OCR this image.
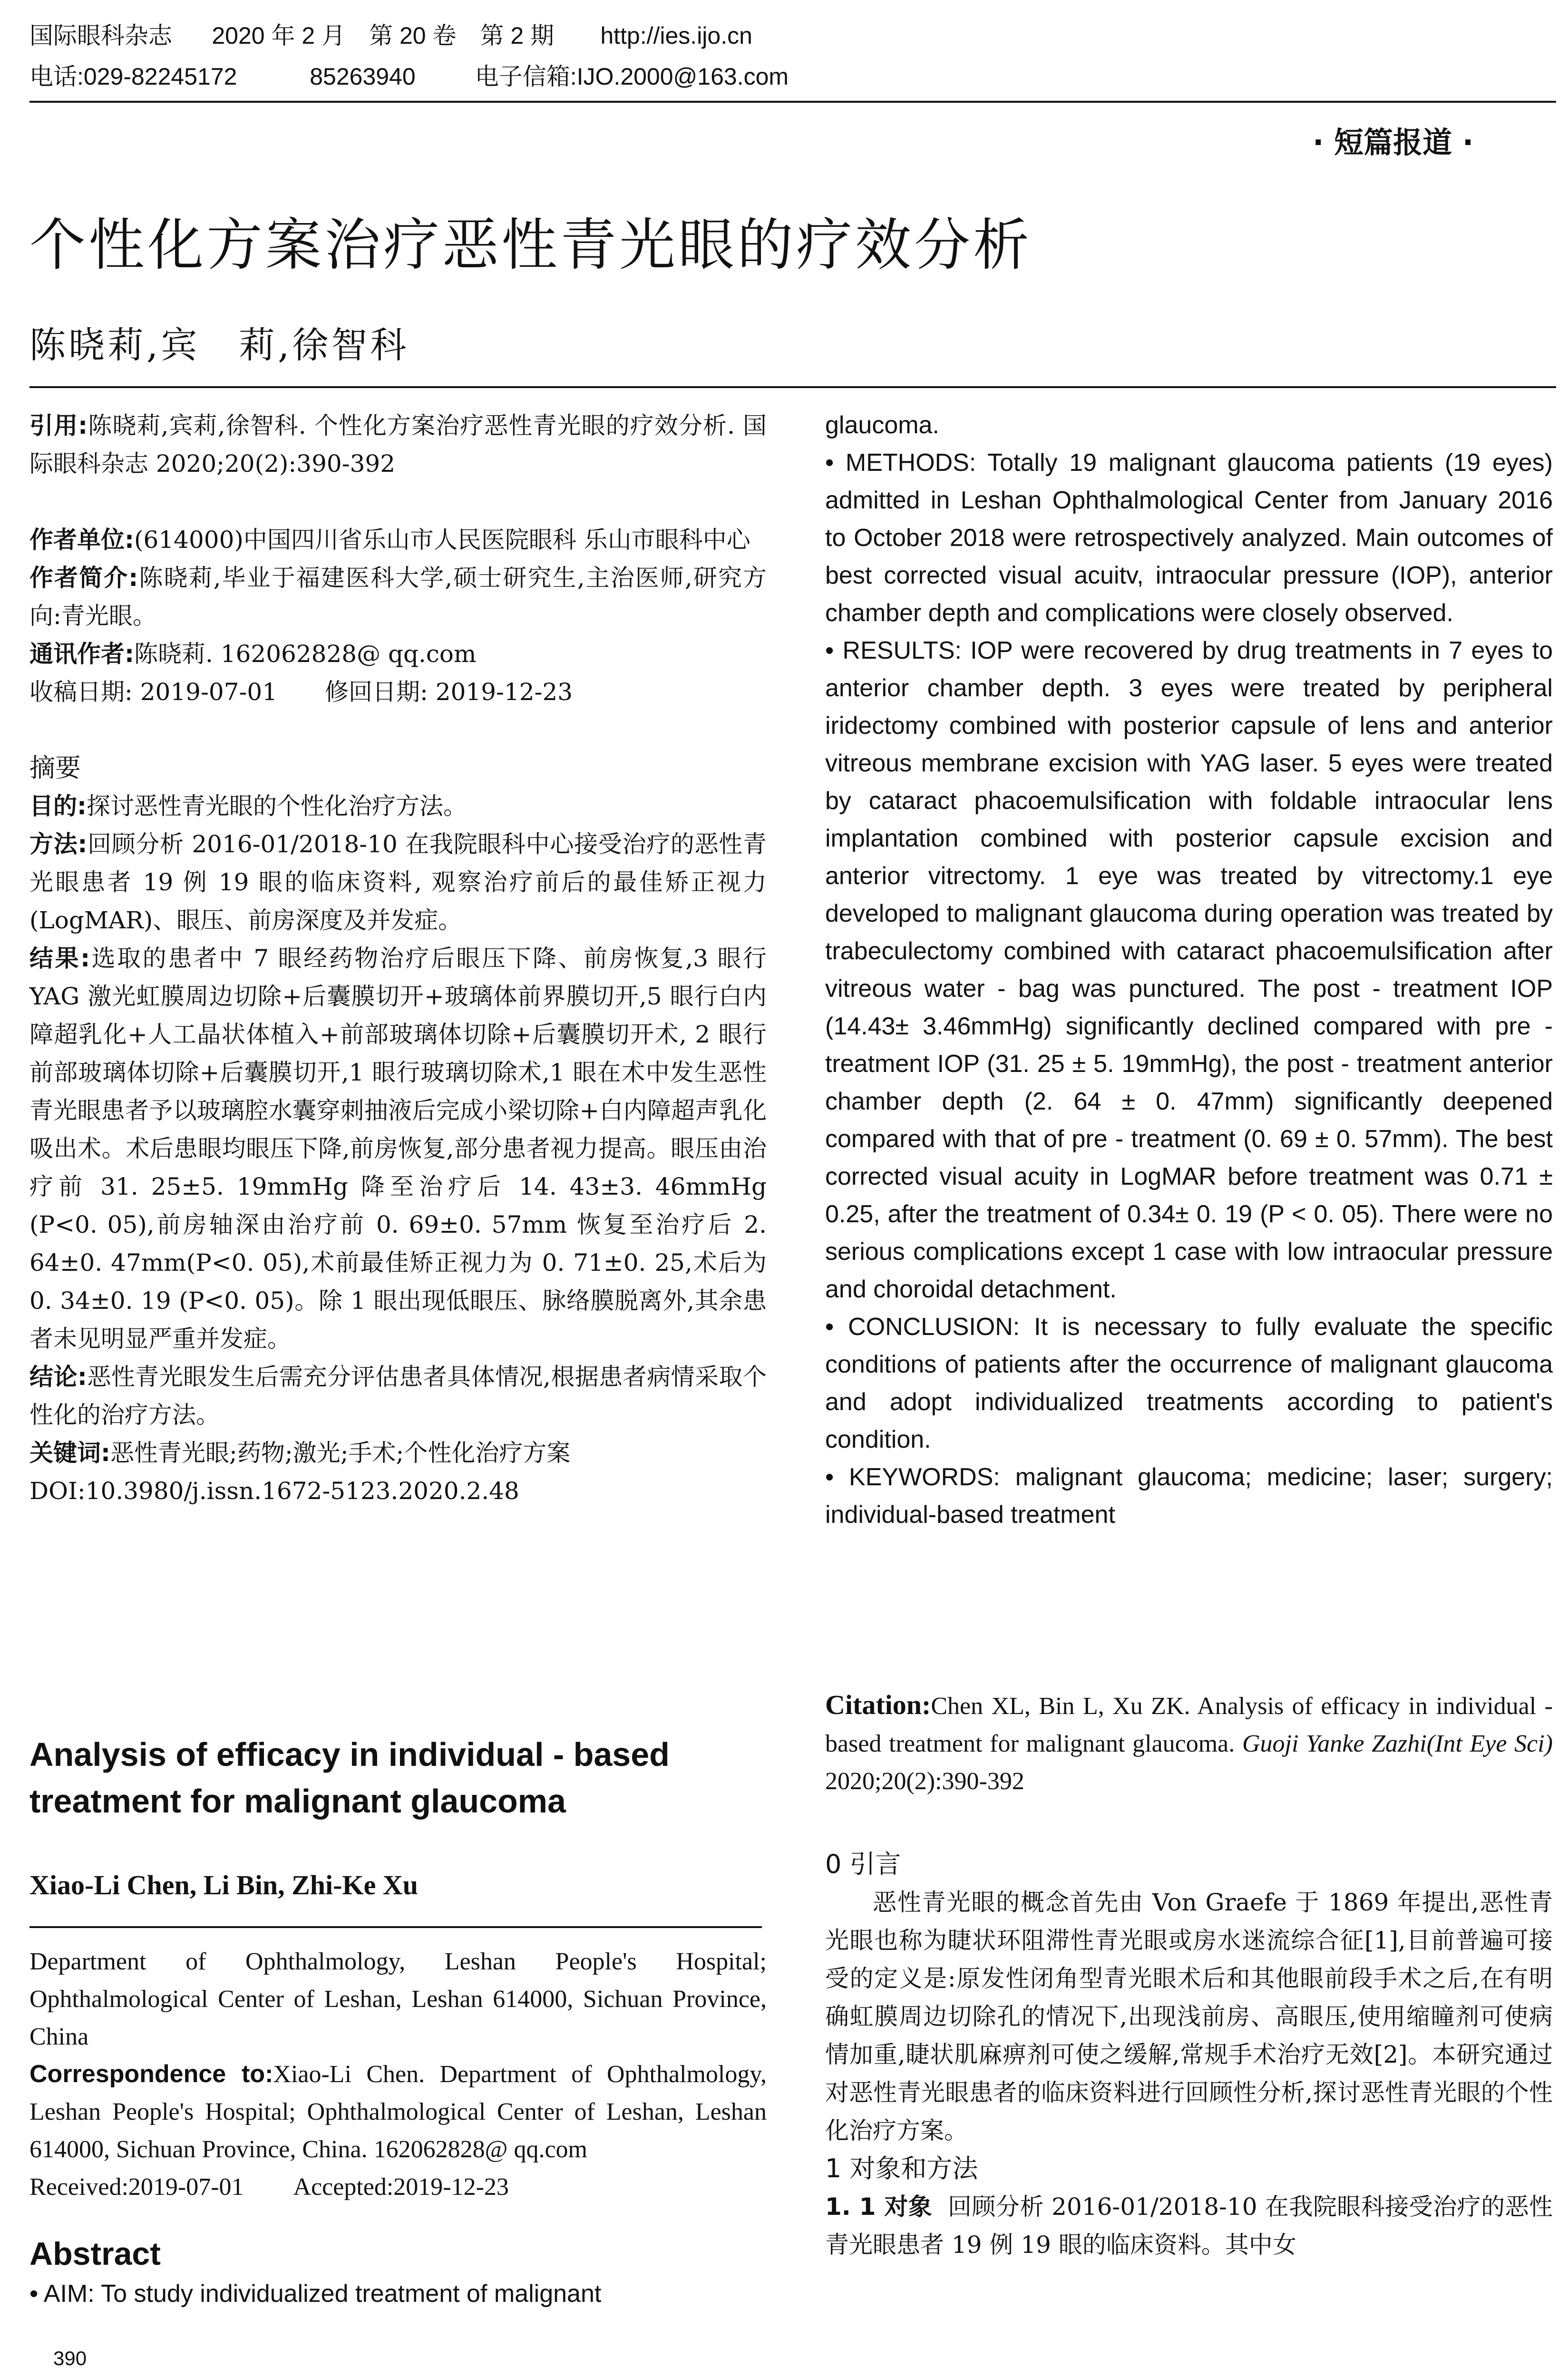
国际眼科杂志 2020 年 2 月　第 20 卷　第 2 期 http://ies.ijo.cn
电话:029-82245172	85263940	电子信箱:IJO.2000@163.com
· 短篇报道 ·
个性化方案治疗恶性青光眼的疗效分析
陈晓莉,宾　莉,徐智科

引用:陈晓莉,宾莉,徐智科. 个性化方案治疗恶性青光眼的疗效分析. 国际眼科杂志 2020;20(2):390-392

作者单位:(614000)中国四川省乐山市人民医院眼科 乐山市眼科中心

作者简介:陈晓莉,毕业于福建医科大学,硕士研究生,主治医师,研究方向:青光眼。

通讯作者:陈晓莉. 162062828@ qq.com

收稿日期: 2019-07-01　　修回日期: 2019-12-23

摘要

目的:探讨恶性青光眼的个性化治疗方法。

方法:回顾分析 2016-01/2018-10 在我院眼科中心接受治疗的恶性青光眼患者 19 例 19 眼的临床资料, 观察治疗前后的最佳矫正视力(LogMAR)、眼压、前房深度及并发症。

结果:选取的患者中 7 眼经药物治疗后眼压下降、前房恢复,3 眼行 YAG 激光虹膜周边切除+后囊膜切开+玻璃体前界膜切开,5 眼行白内障超乳化+人工晶状体植入+前部玻璃体切除+后囊膜切开术, 2 眼行前部玻璃体切除+后囊膜切开,1 眼行玻璃切除术,1 眼在术中发生恶性青光眼患者予以玻璃腔水囊穿刺抽液后完成小梁切除+白内障超声乳化吸出术。术后患眼均眼压下降,前房恢复,部分患者视力提高。眼压由治疗前 31. 25±5. 19mmHg 降至治疗后 14. 43±3. 46mmHg (P<0. 05),前房轴深由治疗前 0. 69±0. 57mm 恢复至治疗后 2. 64±0. 47mm(P<0. 05),术前最佳矫正视力为 0. 71±0. 25,术后为 0. 34±0. 19 (P<0. 05)。除 1 眼出现低眼压、脉络膜脱离外,其余患者未见明显严重并发症。

结论:恶性青光眼发生后需充分评估患者具体情况,根据患者病情采取个性化的治疗方法。

关键词:恶性青光眼;药物;激光;手术;个性化治疗方案

DOI:10.3980/j.issn.1672-5123.2020.2.48

Analysis of efficacy in individual - based treatment for malignant glaucoma

Xiao-Li Chen, Li Bin, Zhi-Ke Xu

Department of Ophthalmology, Leshan People's Hospital; Ophthalmological Center of Leshan, Leshan 614000, Sichuan Province, China

Correspondence to:Xiao-Li Chen. Department of Ophthalmology, Leshan People's Hospital; Ophthalmological Center of Leshan, Leshan 614000, Sichuan Province, China. 162062828@ qq.com

Received:2019-07-01　　Accepted:2019-12-23

Abstract

• AIM: To study individualized treatment of malignant

glaucoma.

• METHODS: Totally 19 malignant glaucoma patients (19 eyes) admitted in Leshan Ophthalmological Center from January 2016 to October 2018 were retrospectively analyzed. Main outcomes of best corrected visual acuitv, intraocular pressure (IOP), anterior chamber depth and complications were closely observed.

• RESULTS: IOP were recovered by drug treatments in 7 eyes to anterior chamber depth. 3 eyes were treated by peripheral iridectomy combined with posterior capsule of lens and anterior vitreous membrane excision with YAG laser. 5 eyes were treated by cataract phacoemulsification with foldable intraocular lens implantation combined with posterior capsule excision and anterior vitrectomy. 1 eye was treated by vitrectomy.1 eye developed to malignant glaucoma during operation was treated by trabeculectomy combined with cataract phacoemulsification after vitreous water - bag was punctured. The post - treatment IOP (14.43± 3.46mmHg) significantly declined compared with pre - treatment IOP (31. 25 ± 5. 19mmHg), the post - treatment anterior chamber depth (2. 64 ± 0. 47mm) significantly deepened compared with that of pre - treatment (0. 69 ± 0. 57mm). The best corrected visual acuity in LogMAR before treatment was 0.71 ± 0.25, after the treatment of 0.34± 0. 19 (P < 0. 05). There were no serious complications except 1 case with low intraocular pressure and choroidal detachment.

• CONCLUSION: It is necessary to fully evaluate the specific conditions of patients after the occurrence of malignant glaucoma and adopt individualized treatments according to patient's condition.

• KEYWORDS: malignant glaucoma; medicine; laser; surgery; individual-based treatment

Citation:Chen XL, Bin L, Xu ZK. Analysis of efficacy in individual - based treatment for malignant glaucoma. Guoji Yanke Zazhi(Int Eye Sci) 2020;20(2):390-392

0 引言

恶性青光眼的概念首先由 Von Graefe 于 1869 年提出,恶性青光眼也称为睫状环阻滞性青光眼或房水迷流综合征[1],目前普遍可接受的定义是:原发性闭角型青光眼术后和其他眼前段手术之后,在有明确虹膜周边切除孔的情况下,出现浅前房、高眼压,使用缩瞳剂可使病情加重,睫状肌麻痹剂可使之缓解,常规手术治疗无效[2]。本研究通过对恶性青光眼患者的临床资料进行回顾性分析,探讨恶性青光眼的个性化治疗方案。

1 对象和方法

1. 1 对象 回顾分析 2016-01/2018-10 在我院眼科接受治疗的恶性青光眼患者 19 例 19 眼的临床资料。其中女

390
